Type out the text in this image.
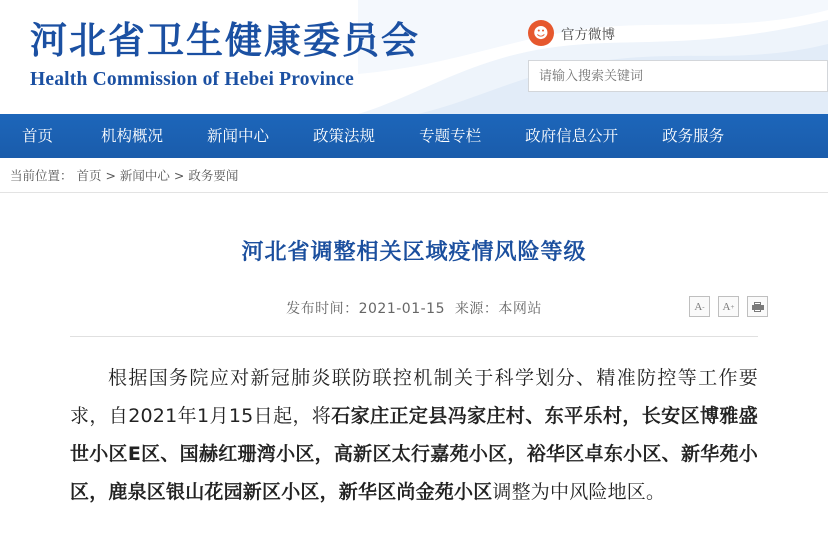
河北省卫生健康委员会
Health Commission of Hebei Province
☻ 官方微博
请输入搜索关键词
首页	机构概况	新闻中心	政策法规	专题专栏	政府信息公开	政务服务
当前位置： 首页 > 新闻中心 > 政务要闻
河北省调整相关区域疫情风险等级
发布时间：2021-01-15 来源：本网站	A - A +
根据国务院应对新冠肺炎联防联控机制关于科学划分、精准防控等工作要求，自2021年1月15日起，将石家庄正定县冯家庄村、东平乐村，长安区博雅盛世小区E区、国赫红珊湾小区，高新区太行嘉苑小区，裕华区卓东小区、新华苑小区，鹿泉区银山花园新区小区，新华区尚金苑小区调整为中风险地区。
